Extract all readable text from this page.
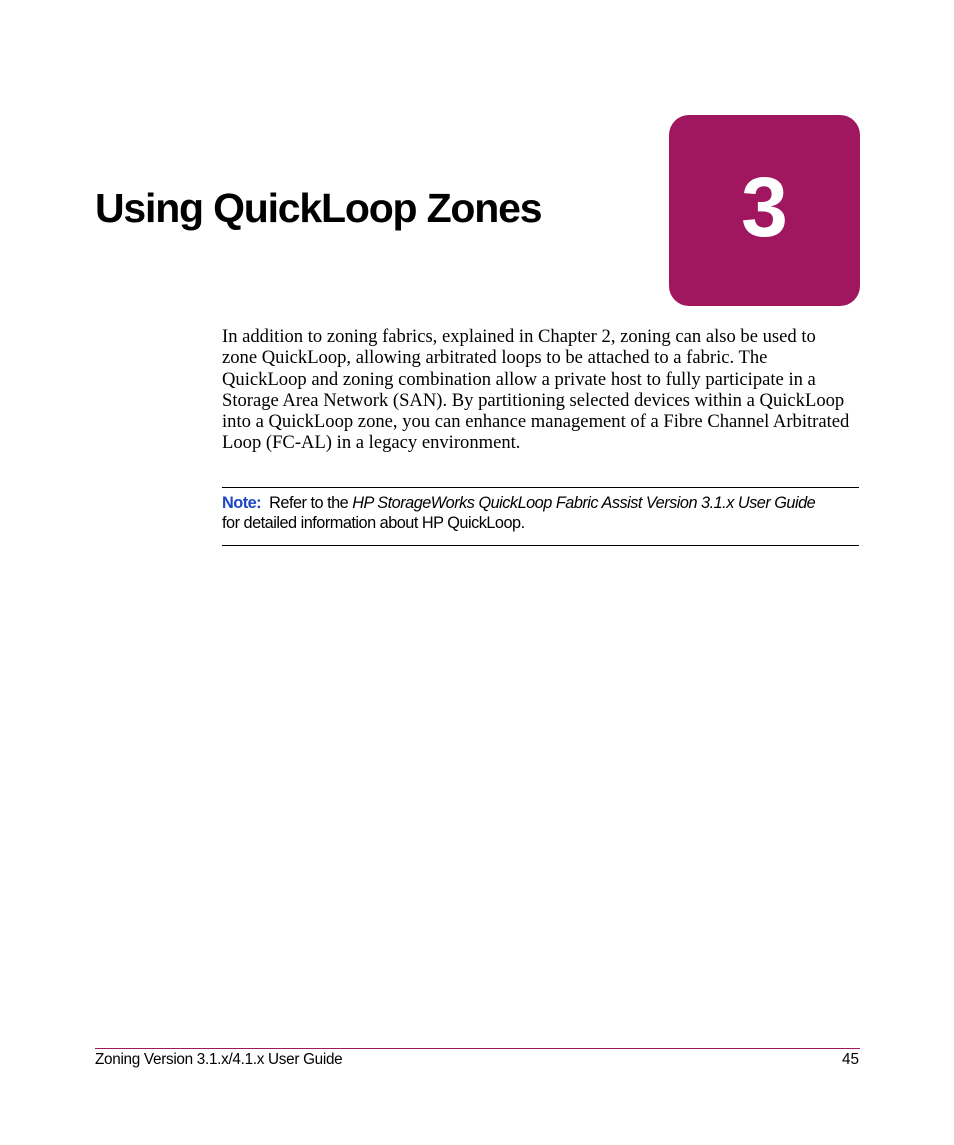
Using QuickLoop Zones 3

In addition to zoning fabrics, explained in Chapter 2, zoning can also be used to zone QuickLoop, allowing arbitrated loops to be attached to a fabric. The QuickLoop and zoning combination allow a private host to fully participate in a Storage Area Network (SAN). By partitioning selected devices within a QuickLoop into a QuickLoop zone, you can enhance management of a Fibre Channel Arbitrated Loop (FC-AL) in a legacy environment.

Note: Refer to the HP StorageWorks QuickLoop Fabric Assist Version 3.1.x User Guide
for detailed information about HP QuickLoop.
Zoning Version 3.1.x/4.1.x User Guide	45
